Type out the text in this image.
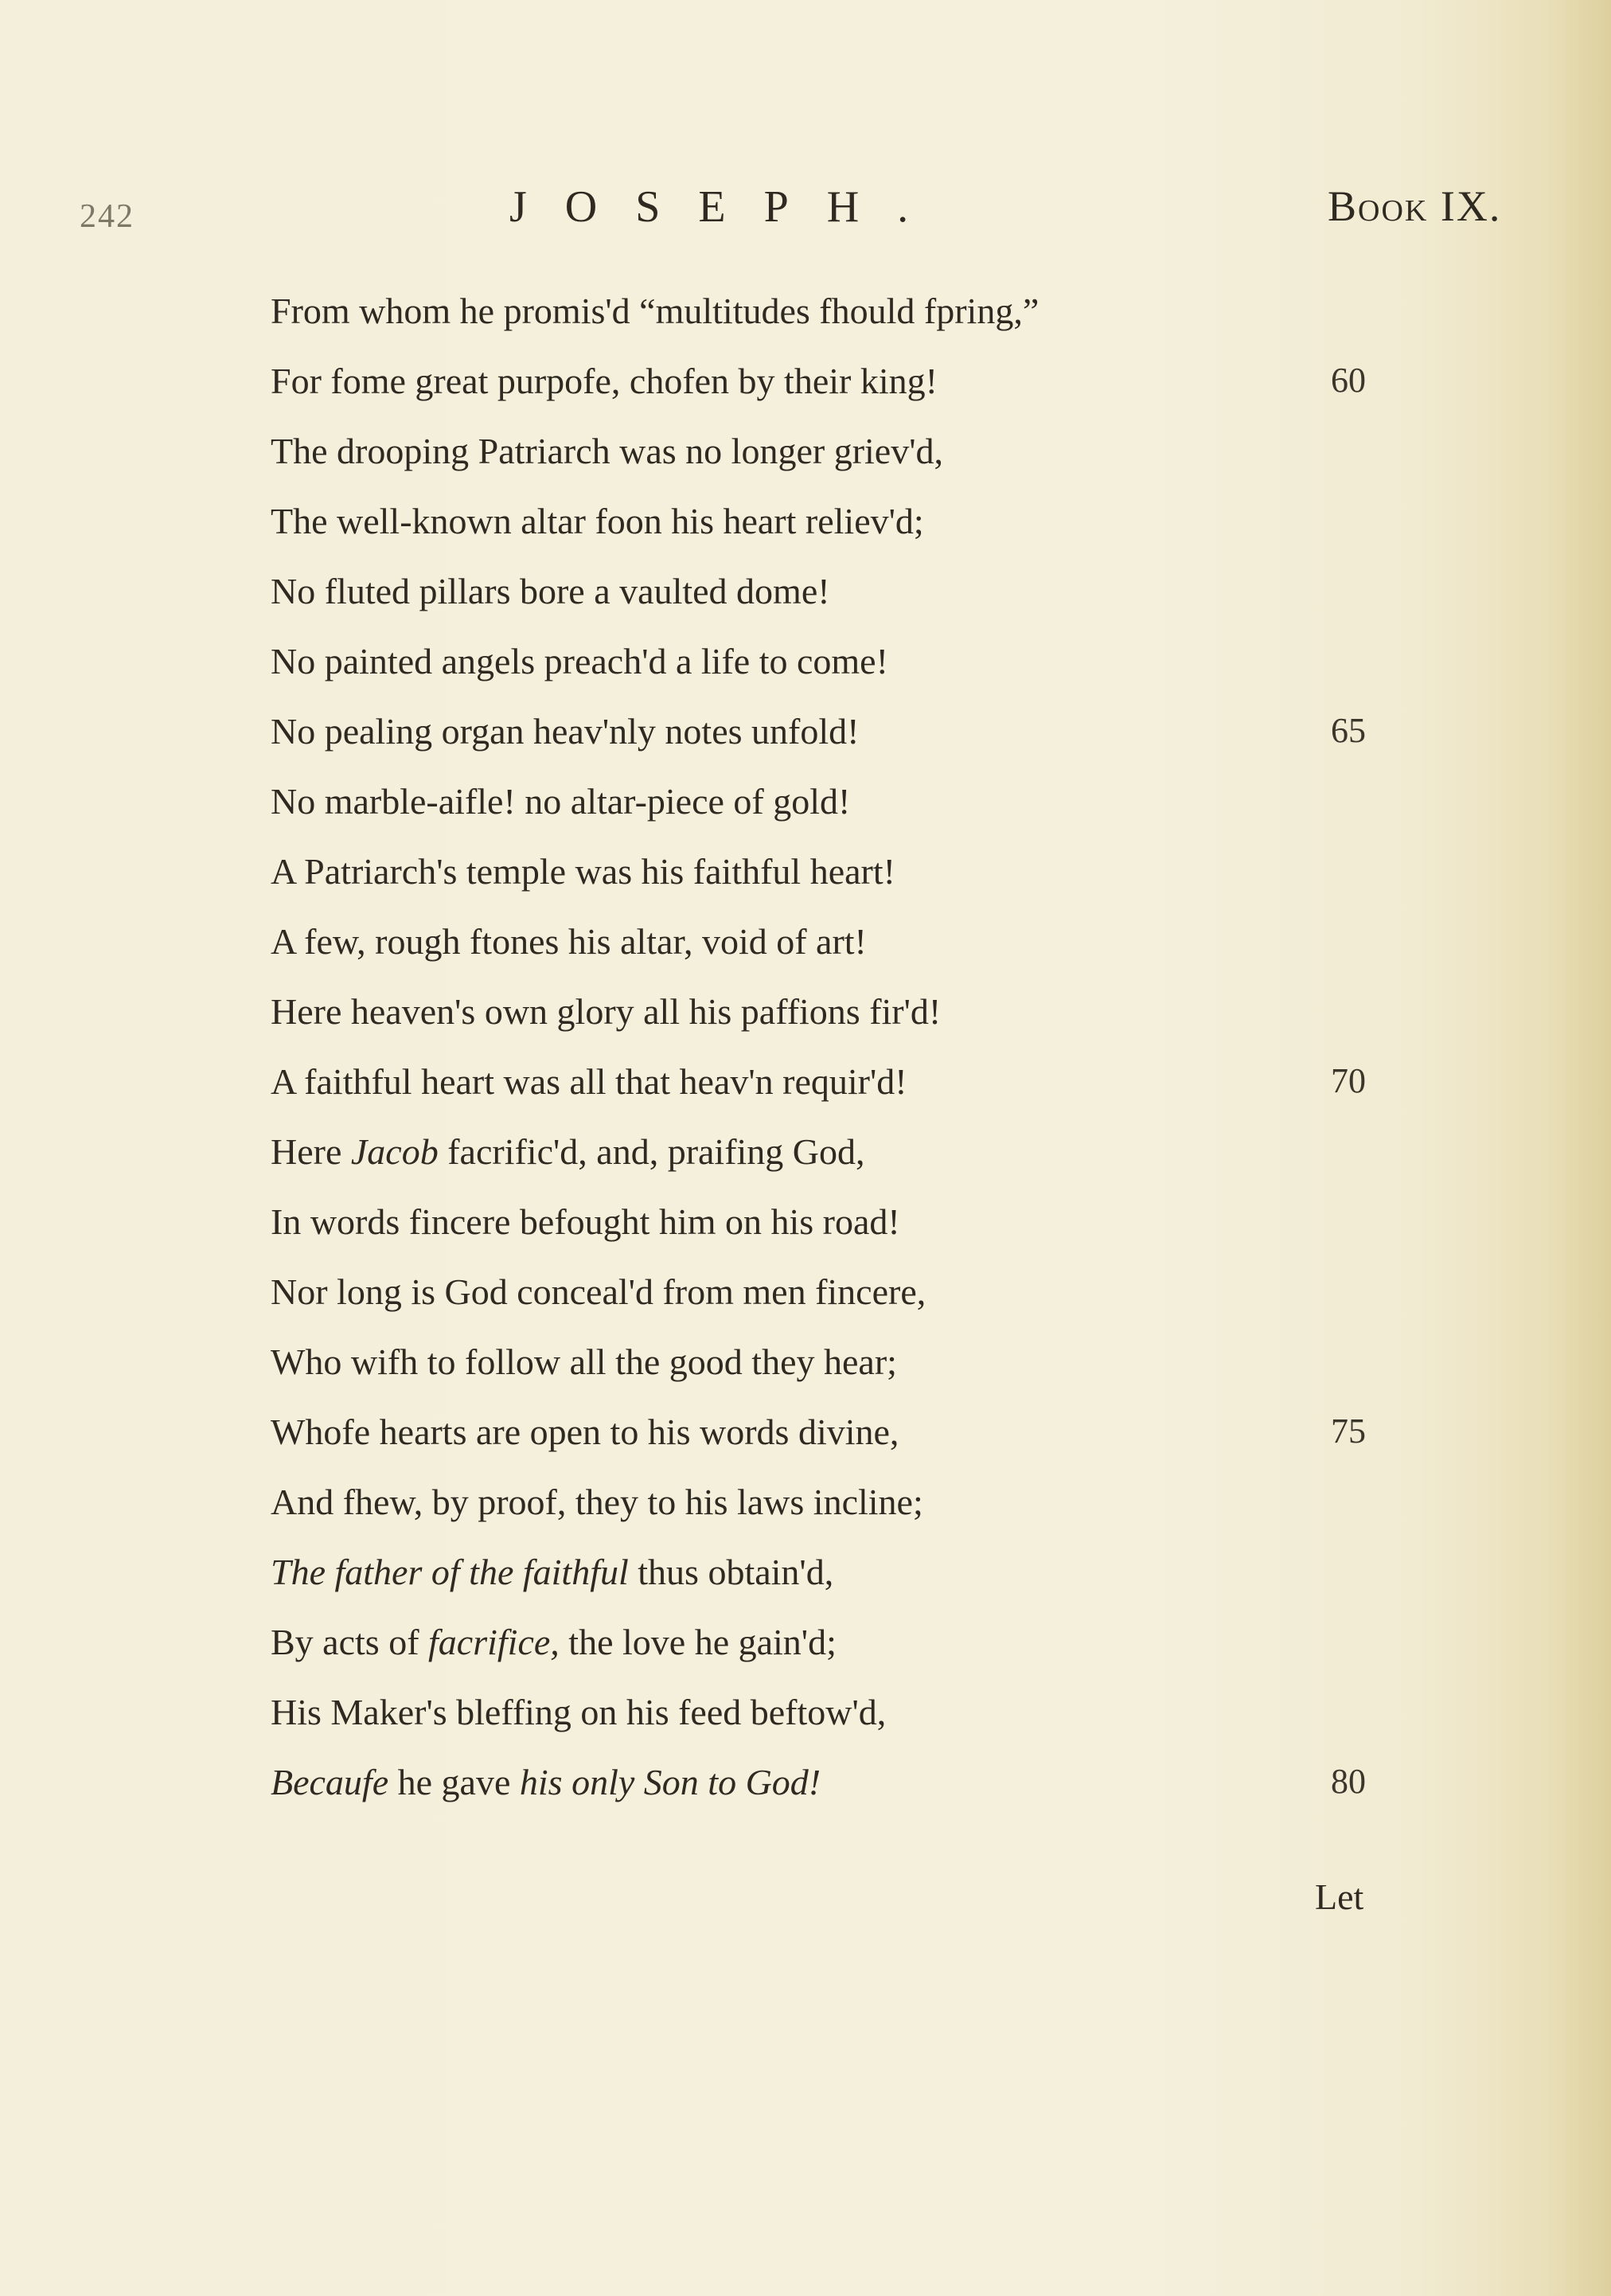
242	JOSEPH.	Book IX.
From whom he promis'd “multitudes fhould fpring,”
For fome great purpofe, chofen by their king!
The drooping Patriarch was no longer griev'd,
The well-known altar foon his heart reliev'd;
No fluted pillars bore a vaulted dome!
No painted angels preach'd a life to come!
No pealing organ heav'nly notes unfold!
No marble-aifle! no altar-piece of gold!
A Patriarch's temple was his faithful heart!
A few, rough ftones his altar, void of art!
Here heaven's own glory all his paffions fir'd!
A faithful heart was all that heav'n requir'd!
Here Jacob facrific'd, and, praifing God,
In words fincere befought him on his road!
Nor long is God conceal'd from men fincere,
Who wifh to follow all the good they hear;
Whofe hearts are open to his words divine,
And fhew, by proof, they to his laws incline;
The father of the faithful thus obtain'd,
By acts of facrifice, the love he gain'd;
His Maker's bleffing on his feed beftow'd,
Becaufe he gave his only Son to God!
60
65
70
75
80
Let
